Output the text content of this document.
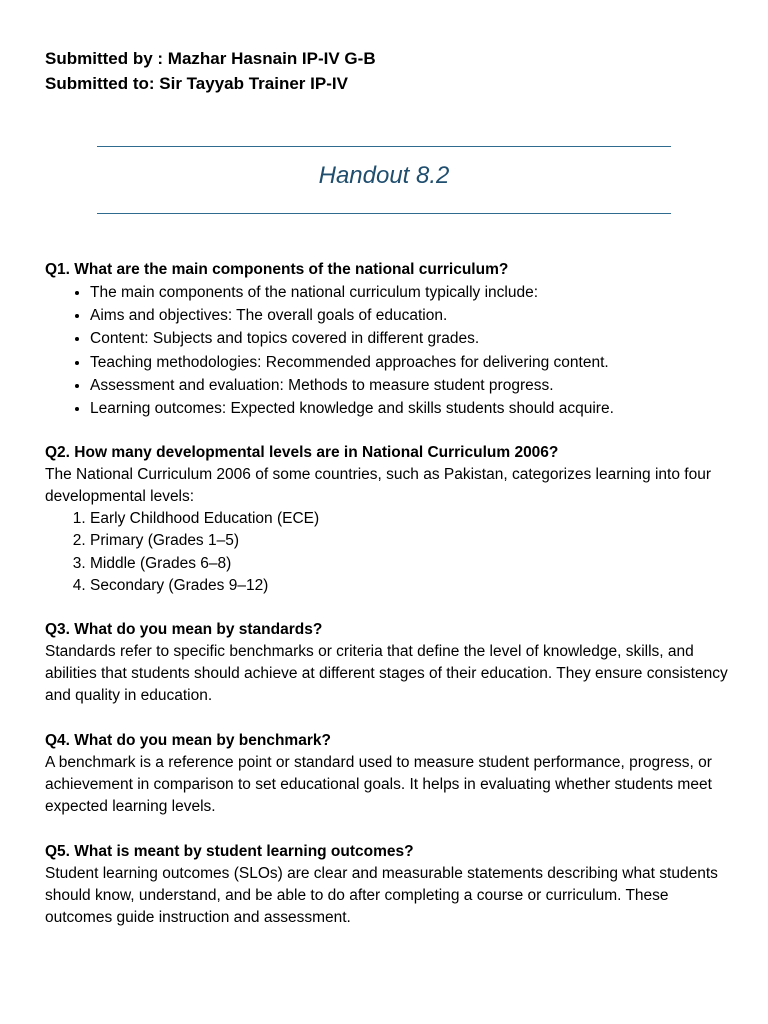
Submitted by : Mazhar Hasnain IP-IV G-B
Submitted to: Sir Tayyab Trainer IP-IV
Handout 8.2
Q1. What are the main components of the national curriculum?
• The main components of the national curriculum typically include:
• Aims and objectives: The overall goals of education.
• Content: Subjects and topics covered in different grades.
• Teaching methodologies: Recommended approaches for delivering content.
• Assessment and evaluation: Methods to measure student progress.
• Learning outcomes: Expected knowledge and skills students should acquire.
Q2. How many developmental levels are in National Curriculum 2006?

The National Curriculum 2006 of some countries, such as Pakistan, categorizes learning into four developmental levels:

1. Early Childhood Education (ECE)
2. Primary (Grades 1–5)
3. Middle (Grades 6–8)
4. Secondary (Grades 9–12)
Q3. What do you mean by standards?

Standards refer to specific benchmarks or criteria that define the level of knowledge, skills, and abilities that students should achieve at different stages of their education. They ensure consistency and quality in education.

Q4. What do you mean by benchmark?

A benchmark is a reference point or standard used to measure student performance, progress, or achievement in comparison to set educational goals. It helps in evaluating whether students meet expected learning levels.

Q5. What is meant by student learning outcomes?

Student learning outcomes (SLOs) are clear and measurable statements describing what students should know, understand, and be able to do after completing a course or curriculum. These outcomes guide instruction and assessment.
